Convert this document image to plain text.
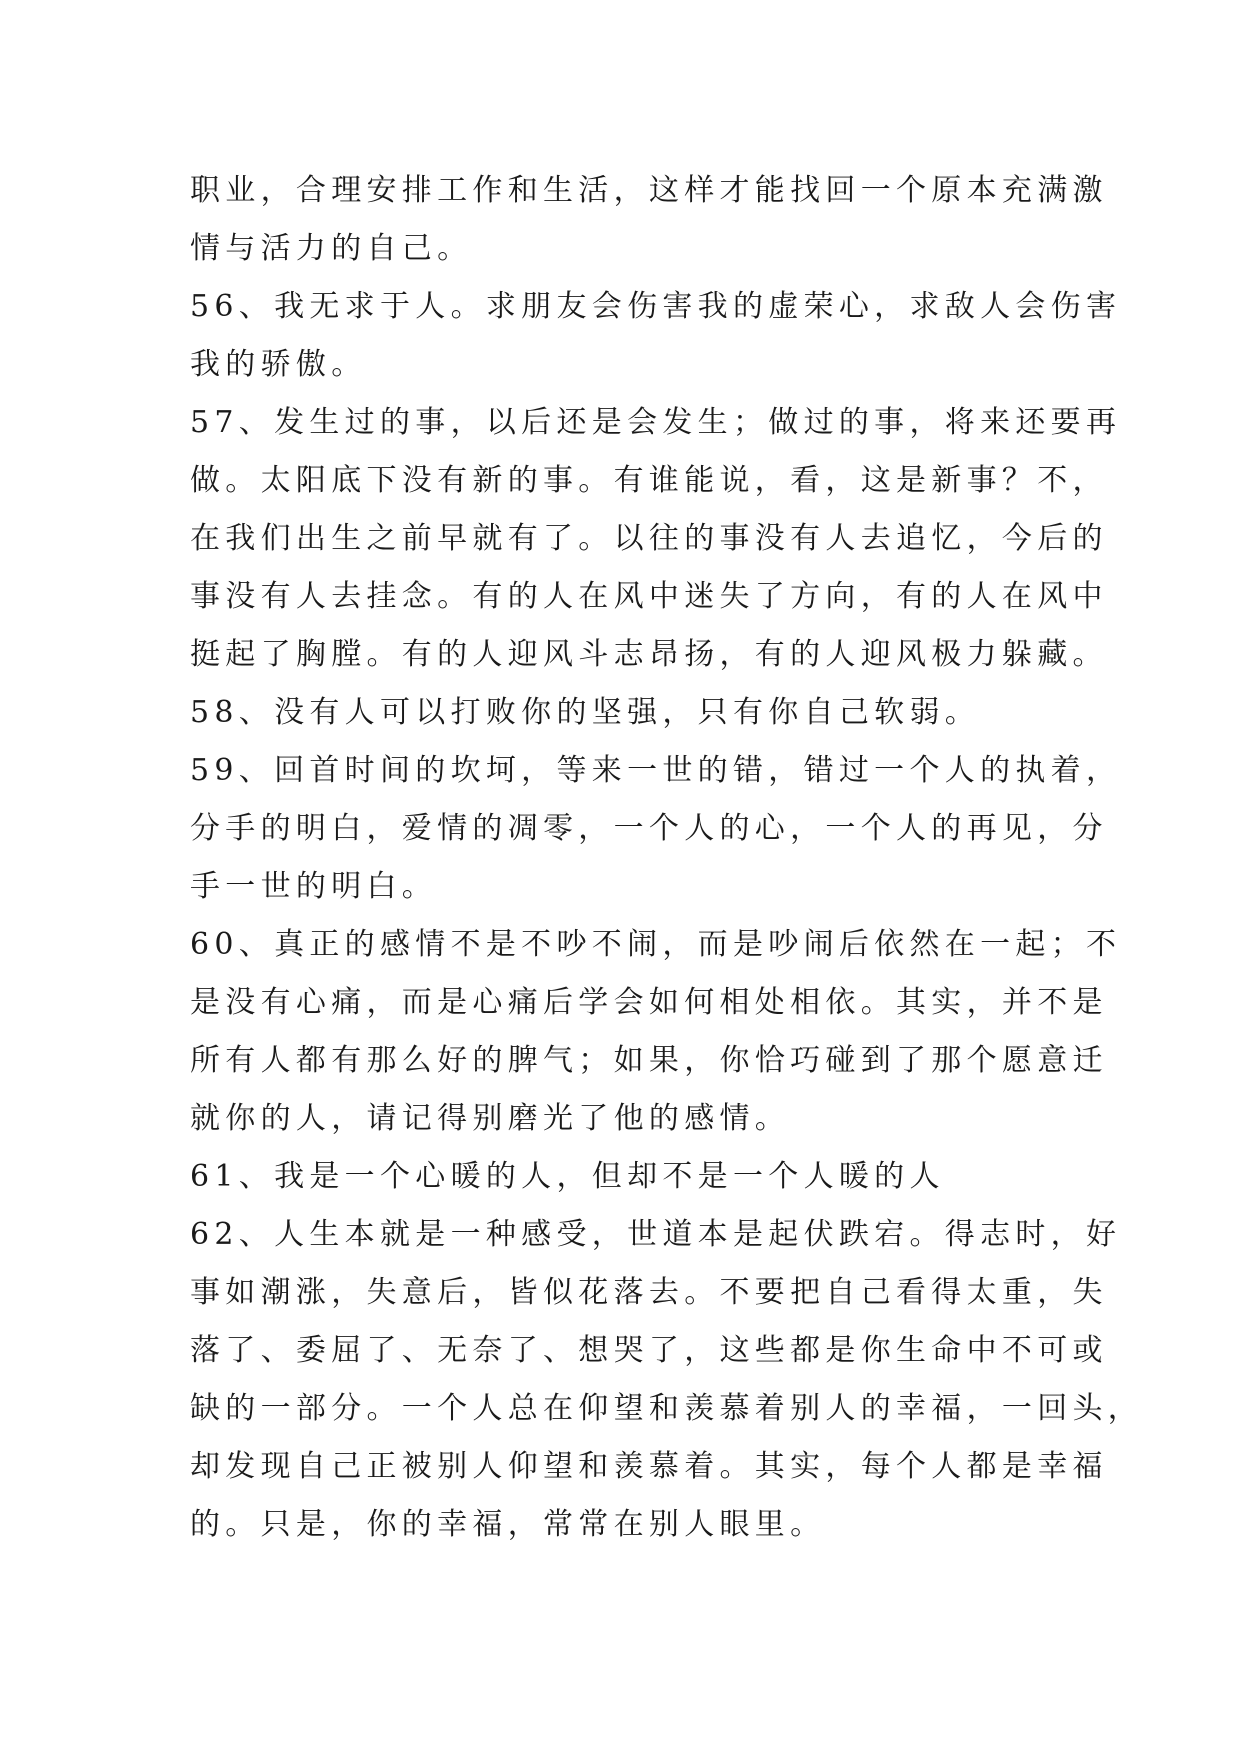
职业，合理安排工作和生活，这样才能找回一个原本充满激
情与活力的自己。
56、我无求于人。求朋友会伤害我的虚荣心，求敌人会伤害
我的骄傲。
57、发生过的事，以后还是会发生；做过的事，将来还要再
做。太阳底下没有新的事。有谁能说，看，这是新事？不，
在我们出生之前早就有了。以往的事没有人去追忆，今后的
事没有人去挂念。有的人在风中迷失了方向，有的人在风中
挺起了胸膛。有的人迎风斗志昂扬，有的人迎风极力躲藏。
58、没有人可以打败你的坚强，只有你自己软弱。
59、回首时间的坎坷，等来一世的错，错过一个人的执着，
分手的明白，爱情的凋零，一个人的心，一个人的再见，分
手一世的明白。
60、真正的感情不是不吵不闹，而是吵闹后依然在一起；不
是没有心痛，而是心痛后学会如何相处相依。其实，并不是
所有人都有那么好的脾气；如果，你恰巧碰到了那个愿意迁
就你的人，请记得别磨光了他的感情。
61、我是一个心暖的人，但却不是一个人暖的人
62、人生本就是一种感受，世道本是起伏跌宕。得志时，好
事如潮涨，失意后，皆似花落去。不要把自己看得太重，失
落了、委屈了、无奈了、想哭了，这些都是你生命中不可或
缺的一部分。一个人总在仰望和羡慕着别人的幸福，一回头，
却发现自己正被别人仰望和羡慕着。其实，每个人都是幸福
的。只是，你的幸福，常常在别人眼里。
